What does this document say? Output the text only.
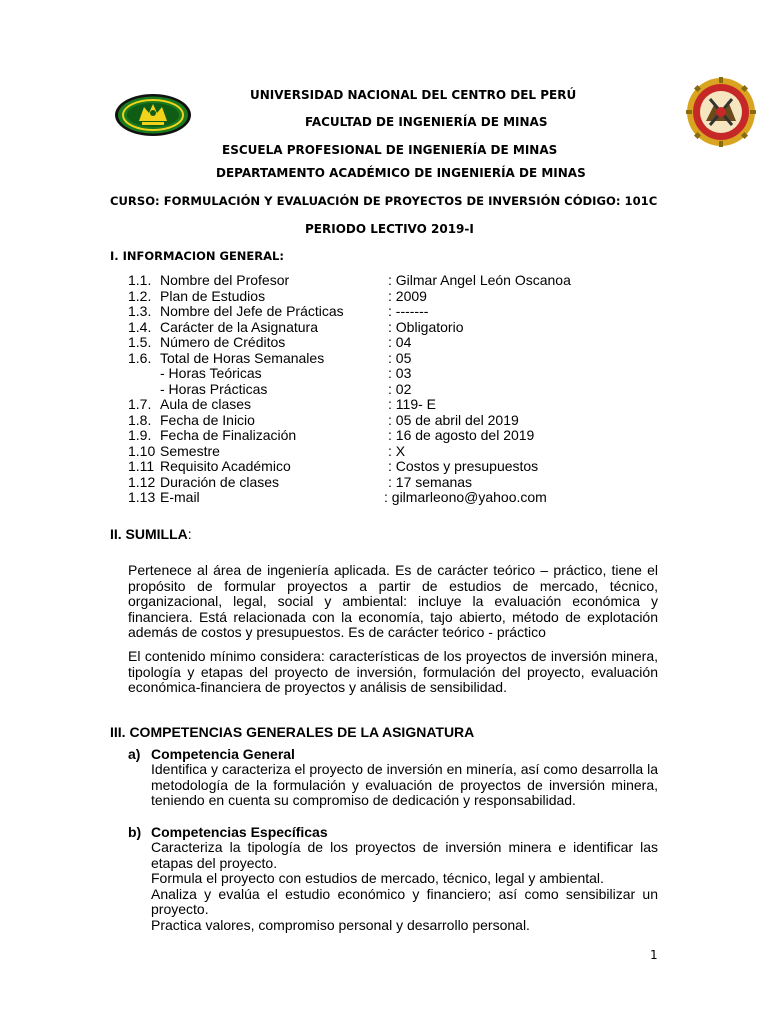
UNIVERSIDAD NACIONAL DEL CENTRO DEL PERÚ
FACULTAD DE INGENIERÍA DE MINAS
ESCUELA PROFESIONAL DE INGENIERÍA DE MINAS
DEPARTAMENTO ACADÉMICO DE INGENIERÍA DE MINAS
CURSO: FORMULACIÓN Y EVALUACIÓN DE PROYECTOS DE INVERSIÓN CÓDIGO: 101C
PERIODO LECTIVO 2019-I
I. INFORMACION GENERAL:
1.1. Nombre del Profesor	: Gilmar Angel León Oscanoa
1.2. Plan de Estudios	: 2009
1.3. Nombre del Jefe de Prácticas	: -------
1.4. Carácter de la Asignatura	: Obligatorio
1.5. Número de Créditos	: 04
1.6. Total de Horas Semanales	: 05
- Horas Teóricas	: 03
- Horas Prácticas	: 02
1.7. Aula de clases	: 119- E
1.8. Fecha de Inicio	: 05 de abril del 2019
1.9. Fecha de Finalización	: 16 de agosto del 2019
1.10 Semestre	: X
1.11 Requisito Académico	: Costos y presupuestos
1.12 Duración de clases	: 17 semanas
1.13 E-mail	: gilmarleono@yahoo.com
II. SUMILLA:
Pertenece al área de ingeniería aplicada. Es de carácter teórico – práctico, tiene el propósito de formular proyectos a partir de estudios de mercado, técnico, organizacional, legal, social y ambiental: incluye la evaluación económica y financiera. Está relacionada con la economía, tajo abierto, método de explotación además de costos y presupuestos. Es de carácter teórico - práctico
El contenido mínimo considera: características de los proyectos de inversión minera, tipología y etapas del proyecto de inversión, formulación del proyecto, evaluación económica-financiera de proyectos y análisis de sensibilidad.
III. COMPETENCIAS GENERALES DE LA ASIGNATURA
a) Competencia General
Identifica y caracteriza el proyecto de inversión en minería, así como desarrolla la metodología de la formulación y evaluación de proyectos de inversión minera, teniendo en cuenta su compromiso de dedicación y responsabilidad.
b) Competencias Específicas

Caracteriza la tipología de los proyectos de inversión minera e identificar las etapas del proyecto.

Formula el proyecto con estudios de mercado, técnico, legal y ambiental.

Analiza y evalúa el estudio económico y financiero; así como sensibilizar un proyecto.

Practica valores, compromiso personal y desarrollo personal.

1
